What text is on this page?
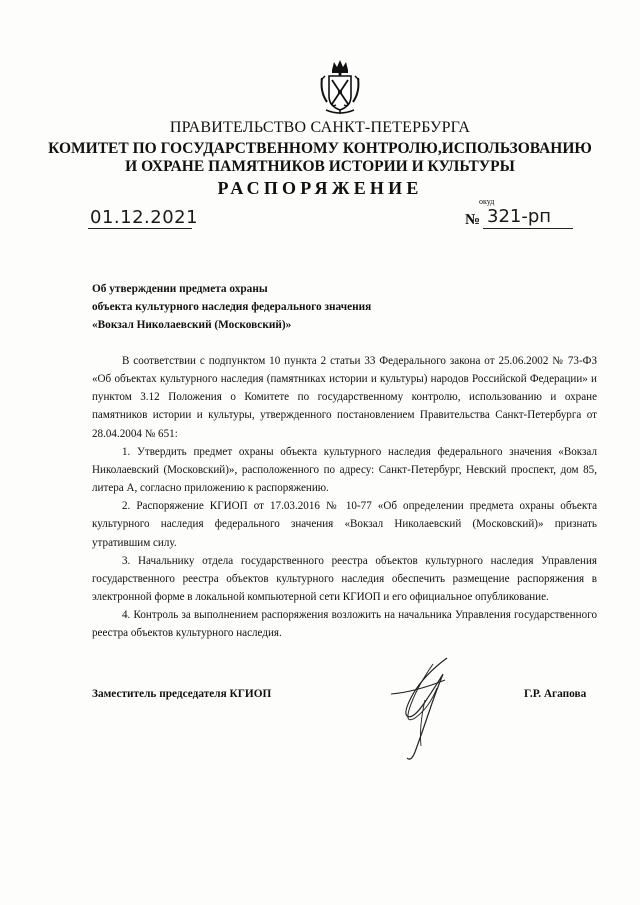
ПРАВИТЕЛЬСТВО САНКТ-ПЕТЕРБУРГА
КОМИТЕТ ПО ГОСУДАРСТВЕННОМУ КОНТРОЛЮ,ИСПОЛЬЗОВАНИЮ
И ОХРАНЕ ПАМЯТНИКОВ ИСТОРИИ И КУЛЬТУРЫ
РАСПОРЯЖЕНИЕ
окуд
01.12.2021	№ 321-рп
Об утверждении предмета охраны
объекта культурного наследия федерального значения
«Вокзал Николаевский (Московский)»

В соответствии с подпунктом 10 пункта 2 статьи 33 Федерального закона от 25.06.2002 № 73-ФЗ «Об объектах культурного наследия (памятниках истории и культуры) народов Российской Федерации» и пунктом 3.12 Положения о Комитете по государственному контролю, использованию и охране памятников истории и культуры, утвержденного постановлением Правительства Санкт-Петербурга от 28.04.2004 № 651:

1. Утвердить предмет охраны объекта культурного наследия федерального значения «Вокзал Николаевский (Московский)», расположенного по адресу: Санкт-Петербург, Невский проспект, дом 85, литера А, согласно приложению к распоряжению.

2. Распоряжение КГИОП от 17.03.2016 № 10-77 «Об определении предмета охраны объекта культурного наследия федерального значения «Вокзал Николаевский (Московский)» признать утратившим силу.

3. Начальнику отдела государственного реестра объектов культурного наследия Управления государственного реестра объектов культурного наследия обеспечить размещение распоряжения в электронной форме в локальной компьютерной сети КГИОП и его официальное опубликование.

4. Контроль за выполнением распоряжения возложить на начальника Управления государственного реестра объектов культурного наследия.

Заместитель председателя КГИОП	Г.Р. Агапова
